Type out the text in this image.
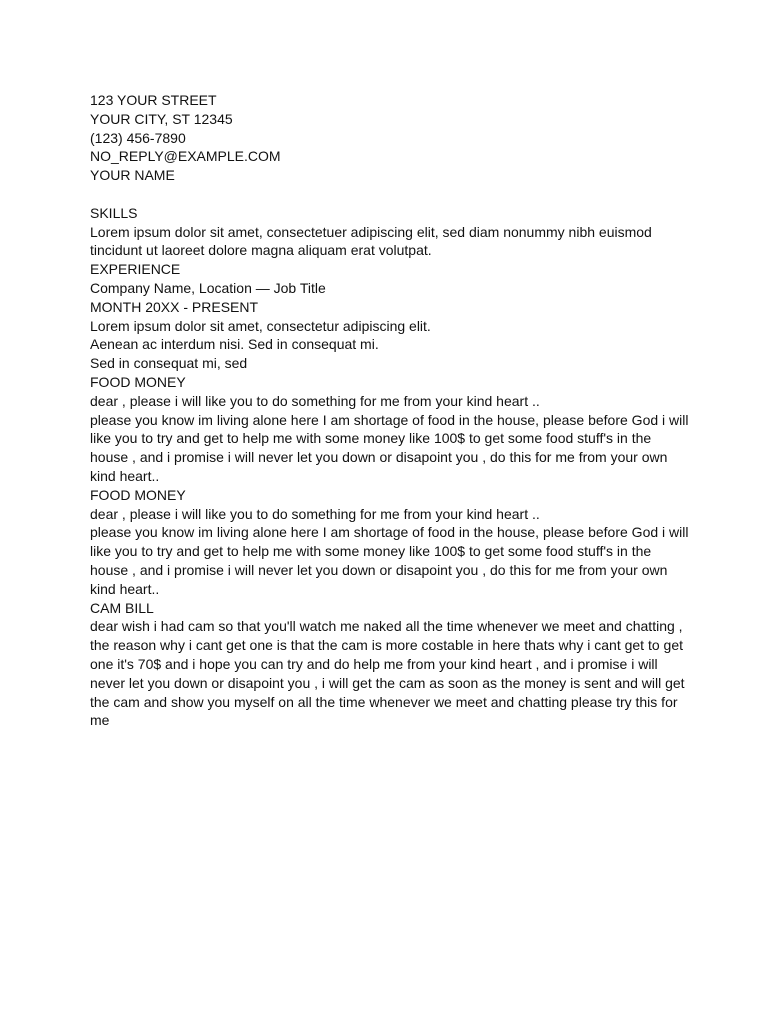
123 YOUR STREET
YOUR CITY, ST 12345
(123) 456-7890
NO_REPLY@EXAMPLE.COM
YOUR NAME
SKILLS
Lorem ipsum dolor sit amet, consectetuer adipiscing elit, sed diam nonummy nibh euismod tincidunt ut laoreet dolore magna aliquam erat volutpat.
EXPERIENCE
Company Name, Location — Job Title
MONTH 20XX - PRESENT
Lorem ipsum dolor sit amet, consectetur adipiscing elit.
Aenean ac interdum nisi. Sed in consequat mi.
Sed in consequat mi, sed
FOOD MONEY
dear , please i will like you to do something for me from your kind heart ..
please you know im living alone here I am shortage of food in the house, please before God i will like you to try and get to help me with some money like 100$ to get some food stuff's in the house , and i promise i will never let you down or disapoint you , do this for me from your own kind heart..
FOOD MONEY
dear , please i will like you to do something for me from your kind heart ..
please you know im living alone here I am shortage of food in the house, please before God i will like you to try and get to help me with some money like 100$ to get some food stuff's in the house , and i promise i will never let you down or disapoint you , do this for me from your own kind heart..
CAM BILL
dear wish i had cam so that you'll watch me naked all the time whenever we meet and chatting , the reason why i cant get one is that the cam is more costable in here thats why i cant get to get one it's 70$ and i hope you can try and do help me from your kind heart , and i promise i will never let you down or disapoint you , i will get the cam as soon as the money is sent and will get the cam and show you myself on all the time whenever we meet and chatting please try this for me
